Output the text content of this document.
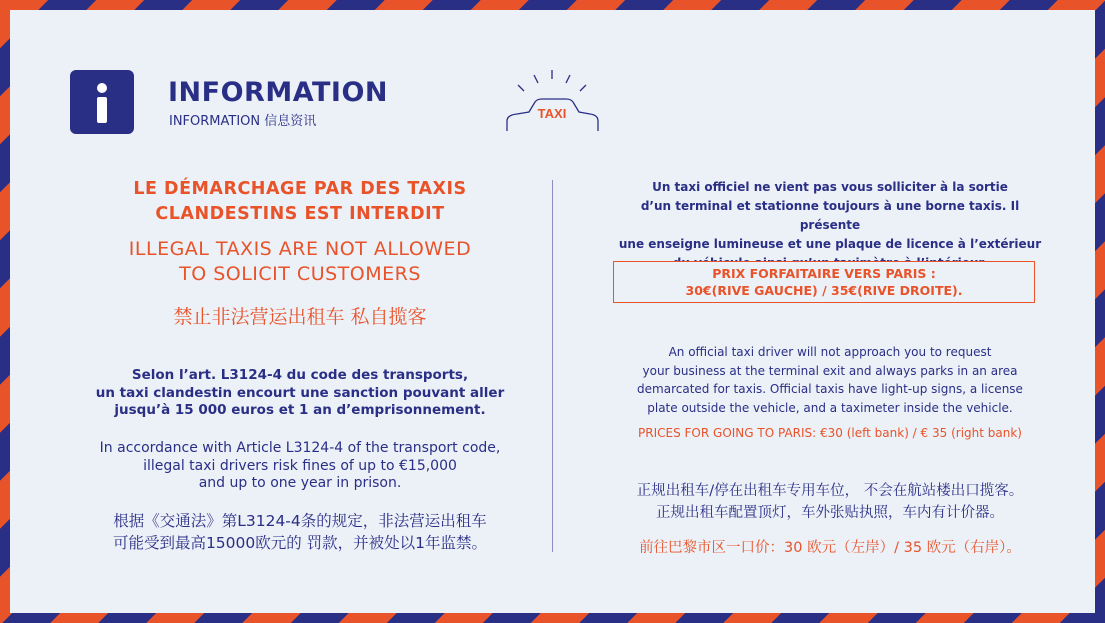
INFORMATION
INFORMATION 信息资讯
TAXI
LE DÉMARCHAGE PAR DES TAXIS
CLANDESTINS EST INTERDIT
ILLEGAL TAXIS ARE NOT ALLOWED
TO SOLICIT CUSTOMERS
禁止非法营运出租车 私自揽客
Selon l’art. L3124-4 du code des transports,
un taxi clandestin encourt une sanction pouvant aller
jusqu’à 15 000 euros et 1 an d’emprisonnement.
In accordance with Article L3124-4 of the transport code,
illegal taxi drivers risk fines of up to €15,000
and up to one year in prison.
根据《交通法》第L3124-4条的规定，非法营运出租车
可能受到最高15000欧元的 罚款，并被处以1年监禁。
Un taxi officiel ne vient pas vous solliciter à la sortie
d’un terminal et stationne toujours à une borne taxis. Il présente
une enseigne lumineuse et une plaque de licence à l’extérieur
PRIX FORFAITAIRE VERS PARIS :
30€(RIVE GAUCHE) / 35€(RIVE DROITE).
An official taxi driver will not approach you to request
your business at the terminal exit and always parks in an area
demarcated for taxis. Official taxis have light-up signs, a license
plate outside the vehicle, and a taximeter inside the vehicle.
PRICES FOR GOING TO PARIS: €30 (left bank) / € 35 (right bank)
正规出租车/停在出租车专用车位， 不会在航站楼出口揽客。
正规出租车配置顶灯，车外张贴执照，车内有计价器。
前往巴黎市区一口价：30 欧元（左岸）/ 35 欧元（右岸）。
